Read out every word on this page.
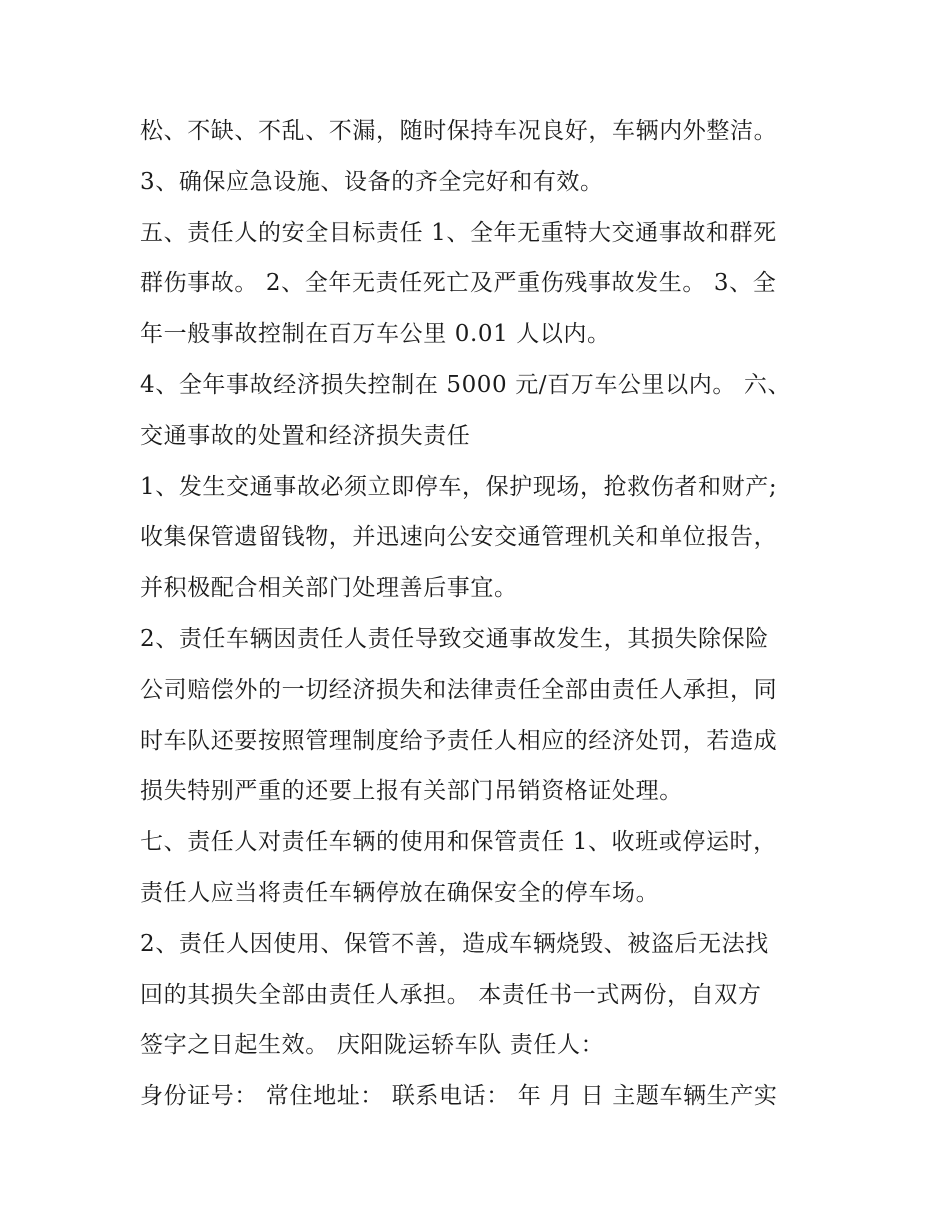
松、不缺、不乱、不漏，随时保持车况良好，车辆内外整洁。
3、确保应急设施、设备的齐全完好和有效。
五、责任人的安全目标责任 1、全年无重特大交通事故和群死
群伤事故。 2、全年无责任死亡及严重伤残事故发生。 3、全
年一般事故控制在百万车公里 0.01 人以内。
4、全年事故经济损失控制在 5000 元/百万车公里以内。 六、
交通事故的处置和经济损失责任
1、发生交通事故必须立即停车，保护现场，抢救伤者和财产;
收集保管遗留钱物，并迅速向公安交通管理机关和单位报告，
并积极配合相关部门处理善后事宜。
2、责任车辆因责任人责任导致交通事故发生，其损失除保险
公司赔偿外的一切经济损失和法律责任全部由责任人承担，同
时车队还要按照管理制度给予责任人相应的经济处罚，若造成
损失特别严重的还要上报有关部门吊销资格证处理。
七、责任人对责任车辆的使用和保管责任 1、收班或停运时，
责任人应当将责任车辆停放在确保安全的停车场。
2、责任人因使用、保管不善，造成车辆烧毁、被盗后无法找
回的其损失全部由责任人承担。 本责任书一式两份，自双方
签字之日起生效。 庆阳陇运轿车队 责任人：
身份证号： 常住地址： 联系电话： 年 月 日 主题车辆生产实
